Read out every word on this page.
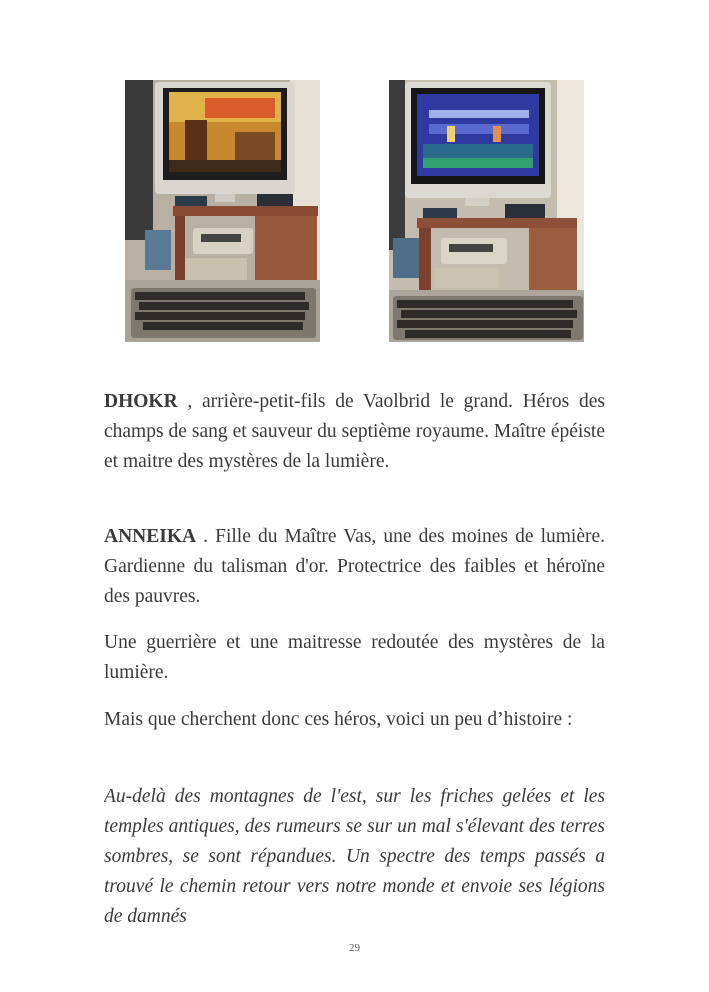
DHOKR , arrière-petit-fils de Vaolbrid le grand. Héros des champs de sang et sauveur du septième royaume. Maître épéiste et maitre des mystères de la lumière.

ANNEIKA . Fille du Maître Vas, une des moines de lumière. Gardienne du talisman d'or. Protectrice des faibles et héroïne des pauvres.

Une guerrière et une maitresse redoutée des mystères de la lumière.

Mais que cherchent donc ces héros, voici un peu d’histoire :

Au-delà des montagnes de l'est, sur les friches gelées et les temples antiques, des rumeurs se sur un mal s'élevant des terres sombres, se sont répandues. Un spectre des temps passés a trouvé le chemin retour vers notre monde et envoie ses légions de damnés

29
